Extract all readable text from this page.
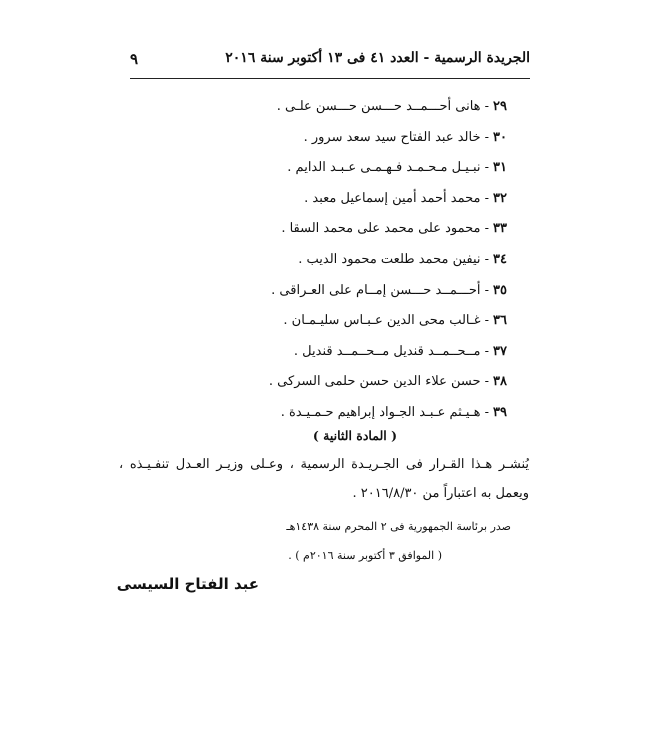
الجريدة الرسمية - العدد ٤١ فى ١٣ أكتوبر سنة ٢٠١٦
٩
٢٩- هانى أحـــمــد حـــسن حـــسن علـى .
٣٠- خالد عبد الفتاح سيد سعد سرور .
٣١- نبـيـل مـحـمـد فـهـمـى عـبـد الدايم .
٣٢- محمد أحمد أمين إسماعيل معبد .
٣٣- محمود على محمد على محمد السقا .
٣٤- نيفين محمد طلعت محمود الديب .
٣٥- أحـــمــد حـــسن إمــام على العـراقى .
٣٦- غـالب محى الدين عـبـاس سليـمـان .
٣٧- مــحــمــد قنديل مــحــمــد قنديل .
٣٨- حسن علاء الدين حسن حلمى السركى .
٣٩- هـيـثم عـبـد الجـواد إبراهيم حـمـيـدة .
( المادة الثانية )
يُنشـر هـذا القـرار فى الجـريـدة الرسمية ، وعـلى وزيـر العـدل تنفـيـذه ،
ويعمل به اعتباراً من ٢٠١٦/٨/٣٠ .
صدر برئاسة الجمهورية فى ٢ المحرم سنة ١٤٣٨هـ
( الموافق ٣ أكتوبر سنة ٢٠١٦م ) .
عبد الفتاح السيسى
